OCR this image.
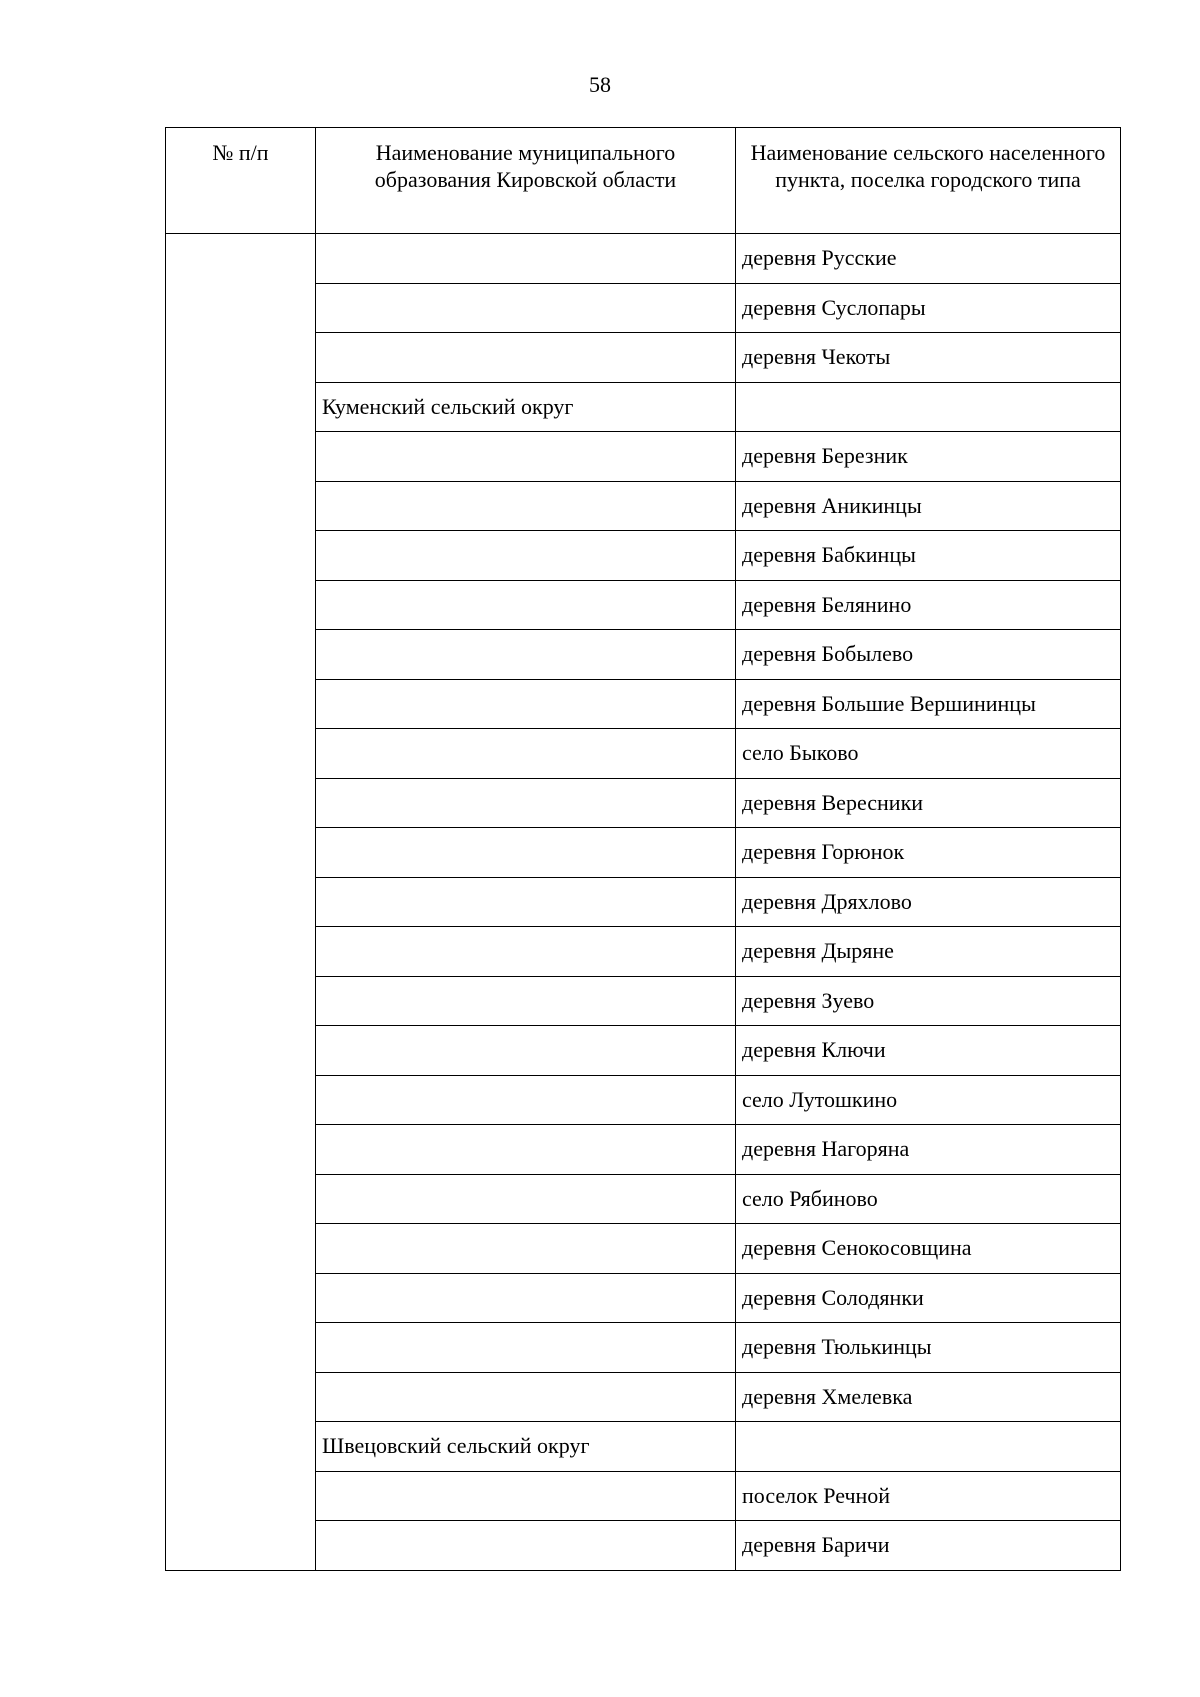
58
№ п/п	Наименование муниципального образования Кировской области	Наименование сельского населенного пункта, поселка городского типа
		деревня Русские
		деревня Суслопары
		деревня Чекоты
	Куменский сельский округ	
		деревня Березник
		деревня Аникинцы
		деревня Бабкинцы
		деревня Белянино
		деревня Бобылево
		деревня Большие Вершининцы
		село Быково
		деревня Вересники
		деревня Горюнок
		деревня Дряхлово
		деревня Дыряне
		деревня Зуево
		деревня Ключи
		село Лутошкино
		деревня Нагоряна
		село Рябиново
		деревня Сенокосовщина
		деревня Солодянки
		деревня Тюлькинцы
		деревня Хмелевка
	Швецовский сельский округ	
		поселок Речной
		деревня Баричи
